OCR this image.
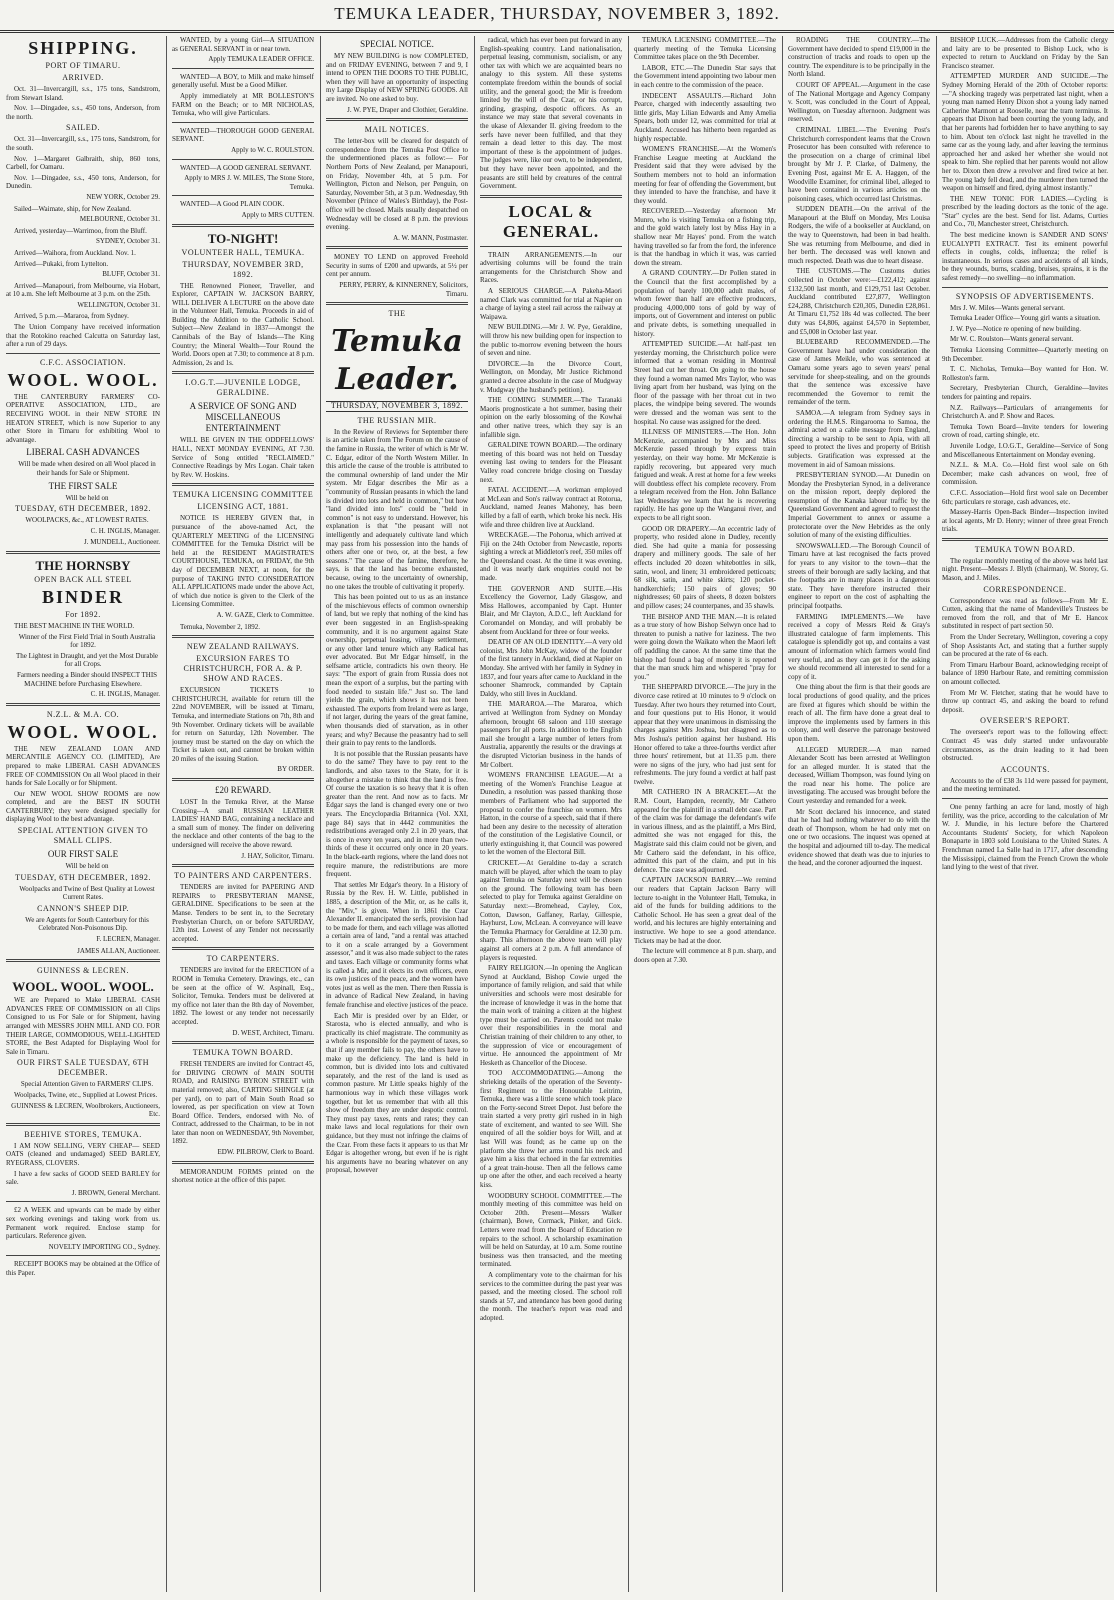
TEMUKA LEADER, THURSDAY, NOVEMBER 3, 1892.
SHIPPING.
PORT OF TIMARU.
ARRIVED.

Oct. 31—Invercargill, s.s., 175 tons, Sandstrom, from Stewart Island.

Nov. 1—Dingadee, s.s., 450 tons, Anderson, from the north.

SAILED.

Oct. 31—Invercargill, s.s., 175 tons, Sandstrom, for the south.

Nov. 1—Margaret Galbraith, ship, 860 tons, Carbell, for Oamaru.

Nov. 1—Dingadee, s.s., 450 tons, Anderson, for Dunedin.

NEW YORK, October 29.

Sailed—Waimate, ship, for New Zealand.

MELBOURNE, October 31.

Arrived, yesterday—Warrimoo, from the Bluff.

SYDNEY, October 31.

Arrived—Waihora, from Auckland. Nov. 1.

Arrived—Pukaki, from Lyttelton.

BLUFF, October 31.

Arrived—Manapouri, from Melbourne, via Hobart, at 10 a.m. She left Melbourne at 3 p.m. on the 25th.

WELLINGTON, October 31.

Arrived, 5 p.m.—Mararoa, from Sydney.

The Union Company have received information that the Rotokino reached Calcutta on Saturday last, after a run of 29 days.

C.F.C. ASSOCIATION.
WOOL. WOOL.

THE CANTERBURY FARMERS' CO-OPERATIVE ASSOCIATION, LTD., are RECEIVING WOOL in their NEW STORE IN HEATON STREET, which is now Superior to any other Store in Timaru for exhibiting Wool to advantage.

LIBERAL CASH ADVANCES

Will be made when desired on all Wool placed in their hands for Sale or Shipment.

THE FIRST SALE

Will be held on

TUESDAY, 6TH DECEMBER, 1892.

WOOLPACKS, &c., AT LOWEST RATES.

C. H. INGLIS, Manager.
J. MUNDELL, Auctioneer.
THE HORNSBY
OPEN BACK ALL STEEL
BINDER
For 1892.

THE BEST MACHINE IN THE WORLD.

Winner of the First Field Trial in South Australia for 1892.

The Lightest in Draught, and yet the Most Durable for all Crops.

Farmers needing a Binder should INSPECT THIS MACHINE before Purchasing Elsewhere.

C. H. INGLIS, Manager.
N.Z.L. & M.A. CO.
WOOL. WOOL.

THE NEW ZEALAND LOAN AND MERCANTILE AGENCY CO. (LIMITED), Are prepared to make LIBERAL CASH ADVANCES FREE OF COMMISSION On all Wool placed in their hands for Sale Locally or for Shipment.

Our NEW WOOL SHOW ROOMS are now completed, and are the BEST IN SOUTH CANTERBURY; they were designed specially for displaying Wool to the best advantage.

SPECIAL ATTENTION GIVEN TO SMALL CLIPS.
OUR FIRST SALE

Will be held on

TUESDAY, 6TH DECEMBER, 1892.

Woolpacks and Twine of Best Quality at Lowest Current Rates.

CANNON'S SHEEP DIP.

We are Agents for South Canterbury for this Celebrated Non-Poisonous Dip.

F. LECREN, Manager.
JAMES ALLAN, Auctioneer.
GUINNESS & LECREN.
WOOL. WOOL. WOOL.

WE are Prepared to Make LIBERAL CASH ADVANCES FREE OF COMMISSION on all Clips Consigned to us For Sale or for Shipment, having arranged with MESSRS JOHN MILL AND CO. FOR THEIR LARGE, COMMODIOUS, WELL-LIGHTED STORE, the Best Adapted for Displaying Wool for Sale in Timaru.

OUR FIRST SALE TUESDAY, 6TH DECEMBER.

Special Attention Given to FARMERS' CLIPS.

Woolpacks, Twine, etc., Supplied at Lowest Prices.

GUINNESS & LECREN, Woolbrokers, Auctioneers, Etc.
BEEHIVE STORES, TEMUKA.

I AM NOW SELLING, VERY CHEAP— SEED OATS (cleaned and undamaged) SEED BARLEY, RYEGRASS, CLOVERS.

I have a few sacks of GOOD SEED BARLEY for sale.

J. BROWN, General Merchant.

£2 A WEEK and upwards can be made by either sex working evenings and taking work from us. Permanent work required. Enclose stamp for particulars. Reference given.

NOVELTY IMPORTING CO., Sydney.

RECEIPT BOOKS may be obtained at the Office of this Paper.

WANTED, by a young Girl—A SITUATION as GENERAL SERVANT in or near town.

Apply TEMUKA LEADER OFFICE.

WANTED—A BOY, to Milk and make himself generally useful. Must be a Good Milker.

Apply immediately at MR BOLLESTON'S FARM on the Beach; or to MR NICHOLAS, Temuka, who will give Particulars.

WANTED—THOROUGH GOOD GENERAL SERVANT.

Apply to W. C. ROULSTON.

WANTED—A GOOD GENERAL SERVANT.

Apply to MRS J. W. MILES, The Stone Store, Temuka.

WANTED—A Good PLAIN COOK.

Apply to MRS CUTTEN.
TO-NIGHT!
VOLUNTEER HALL, TEMUKA.
THURSDAY, NOVEMBER 3RD, 1892.

THE Renowned Pioneer, Traveller, and Explorer, CAPTAIN W. JACKSON BARRY, WILL DELIVER A LECTURE on the above date in the Volunteer Hall, Temuka. Proceeds in aid of Building the Addition to the Catholic School. Subject—New Zealand in 1837—Amongst the Cannibals of the Bay of Islands—The King Country; the Mineral Wealth—Tour Round the World. Doors open at 7.30; to commence at 8 p.m. Admission, 2s and 1s.

I.O.G.T.—JUVENILE LODGE, GERALDINE.
A SERVICE OF SONG AND MISCELLANEOUS ENTERTAINMENT

WILL BE GIVEN IN THE ODDFELLOWS' HALL, NEXT MONDAY EVENING, AT 7.30. Service of Song entitled "RECLAIMED." Connective Readings by Mrs Logan. Chair taken by Rev. W. Hoskins.

TEMUKA LICENSING COMMITTEE
LICENSING ACT, 1881.

NOTICE IS HEREBY GIVEN that, in pursuance of the above-named Act, the QUARTERLY MEETING of the LICENSING COMMITTEE for the Temuka District will be held at the RESIDENT MAGISTRATE'S COURTHOUSE, TEMUKA, on FRIDAY, the 9th day of DECEMBER NEXT, at noon, for the purpose of TAKING INTO CONSIDERATION ALL APPLICATIONS made under the above Act, of which due notice is given to the Clerk of the Licensing Committee.

A. W. GAZE, Clerk to Committee.

Temuka, November 2, 1892.

NEW ZEALAND RAILWAYS.
EXCURSION FARES TO CHRISTCHURCH, FOR A. & P. SHOW AND RACES.

EXCURSION TICKETS to CHRISTCHURCH, available for return till the 22nd NOVEMBER, will be issued at Timaru, Temuka, and intermediate Stations on 7th, 8th and 9th November. Ordinary tickets will be available for return on Saturday, 12th November. The journey must be started on the day on which the Ticket is taken out, and cannot be broken within 20 miles of the issuing Station.

BY ORDER.
£20 REWARD.

LOST In the Temuka River, at the Manse Crossing—A small RUSSIAN LEATHER LADIES' HAND BAG, containing a necklace and a small sum of money. The finder on delivering the necklace and other contents of the bag to the undersigned will receive the above reward.

J. HAY, Solicitor, Timaru.
TO PAINTERS AND CARPENTERS.

TENDERS are invited for PAPERING AND REPAIRS to PRESBYTERIAN MANSE, GERALDINE. Specifications to be seen at the Manse. Tenders to be sent in, to the Secretary Presbyterian Church, on or before SATURDAY, 12th inst. Lowest of any Tender not necessarily accepted.

TO CARPENTERS.

TENDERS are invited for the ERECTION of a ROOM in Temuka Cemetery. Drawings, etc., can be seen at the office of W. Aspinall, Esq., Solicitor, Temuka. Tenders must be delivered at my office not later than the 8th day of November, 1892. The lowest or any tender not necessarily accepted.

D. WEST, Architect, Timaru.
TEMUKA TOWN BOARD.

FRESH TENDERS are invited for Contract 45, for DRIVING CROWN of MAIN SOUTH ROAD, and RAISING BYRON STREET with material removed; also, CARTING SHINGLE (at per yard), on to part of Main South Road so lowered, as per specification on view at Town Board Office. Tenders, endorsed with No. of Contract, addressed to the Chairman, to be in not later than noon on WEDNESDAY, 9th November, 1892.

EDW. PILBROW, Clerk to Board.

MEMORANDUM FORMS printed on the shortest notice at the office of this paper.

SPECIAL NOTICE.

MY NEW BUILDING is now COMPLETED, and on FRIDAY EVENING, between 7 and 9, I intend to OPEN THE DOORS TO THE PUBLIC, when they will have an opportunity of inspecting my Large Display of NEW SPRING GOODS. All are invited. No one asked to buy.

J. W. PYE, Draper and Clothier, Geraldine.
MAIL NOTICES.

The letter-box will be cleared for despatch of correspondence from the Temuka Post Office to the undermentioned places as follow:— For Northern Ports of New Zealand, per Manapouri, on Friday, November 4th, at 5 p.m. For Wellington, Picton and Nelson, per Penguin, on Saturday, November 5th, at 3 p.m. Wednesday, 9th November (Prince of Wales's Birthday), the Post-office will be closed. Mails usually despatched on Wednesday will be closed at 8 p.m. the previous evening.

A. W. MANN, Postmaster.

MONEY TO LEND on approved Freehold Security in sums of £200 and upwards, at 5½ per cent per annum.

PERRY, PERRY, & KINNERNEY, Solicitors, Timaru.
THE
Temuka Leader.
THURSDAY, NOVEMBER 3, 1892.
THE RUSSIAN MIR.

In the Review of Reviews for September there is an article taken from The Forum on the cause of the famine in Russia, the writer of which is Mr W. C. Edgar, editor of the North Western Miller. In this article the cause of the trouble is attributed to the communal ownership of land under the Mir system. Mr Edgar describes the Mir as a "community of Russian peasants in which the land is divided into lots and held in common," but how "land divided into lots" could be "held in common" is not easy to understand. However, his explanation is that "the peasant will not intelligently and adequately cultivate land which may pass from his possession into the hands of others after one or two, or, at the best, a few seasons." The cause of the famine, therefore, he says, is that the land has become exhausted, because, owing to the uncertainty of ownership, no one takes the trouble of cultivating it properly.

This has been pointed out to us as an instance of the mischievous effects of common ownership of land, but we reply that nothing of the kind has ever been suggested in an English-speaking community, and it is no argument against State ownership, perpetual leasing, village settlement, or any other land tenure which any Radical has ever advocated. But Mr Edgar himself, in the selfsame article, contradicts his own theory. He says: "The export of grain from Russia does not mean the export of a surplus, but the parting with food needed to sustain life." Just so. The land yields the grain, which shows it has not been exhausted. The exports from Ireland were as large, if not larger, during the years of the great famine, when thousands died of starvation, as in other years; and why? Because the peasantry had to sell their grain to pay rents to the landlords.

It is not possible that the Russian peasants have to do the same? They have to pay rent to the landlords, and also taxes to the State, for it is altogether a mistake to think that the land is free. Of course the taxation is so heavy that it is often greater than the rent. And now as to facts. Mr Edgar says the land is changed every one or two years. The Encyclopædia Britannica (Vol. XXI, page 84) says that in 4442 communities the redistributions averaged only 2.1 in 20 years, that is once in every ten years, and in more than two-thirds of these it occurred only once in 20 years. In the black-earth regions, where the land does not require manure, the redistributions are more frequent.

That settles Mr Edgar's theory. In a History of Russia by the Rev. H. W. Little, published in 1885, a description of the Mir, or, as he calls it, the "Miv," is given. When in 1861 the Czar Alexander II. emancipated the serfs, provision had to be made for them, and each village was allotted a certain area of land, "and a rental was attached to it on a scale arranged by a Government assessor," and it was also made subject to the rates and taxes. Each village or community forms what is called a Mir, and it elects its own officers, even its own justices of the peace, and the women have votes just as well as the men. There then Russia is in advance of Radical New Zealand, in having female franchise and elective justices of the peace.

Each Mir is presided over by an Elder, or Starosta, who is elected annually, and who is practically its chief magistrate. The community as a whole is responsible for the payment of taxes, so that if any member fails to pay, the others have to make up the deficiency. The land is held in common, but is divided into lots and cultivated separately, and the rest of the land is used as common pasture. Mr Little speaks highly of the harmonious way in which these villages work together, but let us remember that with all this show of freedom they are under despotic control. They must pay taxes, rents and rates; they can make laws and local regulations for their own guidance, but they must not infringe the claims of the Czar. From these facts it appears to us that Mr Edgar is altogether wrong, but even if he is right his arguments have no bearing whatever on any proposal, however

radical, which has ever been put forward in any English-speaking country. Land nationalisation, perpetual leasing, communism, socialism, or any other tax with which we are acquainted bears no analogy to this system. All these systems contemplate freedom within the bounds of social utility, and the general good; the Mir is freedom limited by the will of the Czar, or his corrupt, grinding, grasping, despotic officers. As an instance we may state that several covenants in the ukase of Alexander II. giving freedom to the serfs have never been fulfilled, and that they remain a dead letter to this day. The most important of these is the appointment of judges. The judges were, like our own, to be independent, but they have never been appointed, and the peasants are still held by creatures of the central Government.

LOCAL & GENERAL.

TRAIN ARRANGEMENTS.—In our advertising columns will be found the train arrangements for the Christchurch Show and Races.

A SERIOUS CHARGE.—A Pakeha-Maori named Clark was committed for trial at Napier on a charge of laying a steel rail across the railway at Waipawa.

NEW BUILDING.—Mr J. W. Pye, Geraldine, will throw his new building open for inspection to the public to-morrow evening between the hours of seven and nine.

DIVORCE.—In the Divorce Court, Wellington, on Monday, Mr Justice Richmond granted a decree absolute in the case of Mudgway v. Mudgway (the husband's petition).

THE COMING SUMMER.—The Taranaki Maoris prognosticate a hot summer, basing their opinion on the early blossoming of the Kowhai and other native trees, which they say is an infallible sign.

GERALDINE TOWN BOARD.—The ordinary meeting of this board was not held on Tuesday evening last owing to tenders for the Pleasant Valley road concrete bridge closing on Tuesday next.

FATAL ACCIDENT.—A workman employed at McLean and Son's railway contract at Rotorua, Auckland, named Jeanes Mahoney, has been killed by a fall of earth, which broke his neck. His wife and three children live at Auckland.

WRECKAGE.—The Pohorua, which arrived at Fiji on the 24th October from Newcastle, reports sighting a wreck at Middleton's reef, 350 miles off the Queensland coast. At the time it was evening, and it was nearly dark enquiries could not be made.

THE GOVERNOR AND SUITE.—His Excellency the Governor, Lady Glasgow, and Miss Hallowes, accompanied by Capt. Hunter Blair, and Mr Clayton, A.D.C., left Auckland for Coromandel on Monday, and will probably be absent from Auckland for three or four weeks.

DEATH OF AN OLD IDENTITY.—A very old colonist, Mrs John McKay, widow of the founder of the first tannery in Auckland, died at Napier on Monday. She arrived with her family in Sydney in 1837, and four years after came to Auckland in the schooner Shamrock, commanded by Captain Daldy, who still lives in Auckland.

THE MARAROA.—The Mararoa, which arrived at Wellington from Sydney on Monday afternoon, brought 68 saloon and 110 steerage passengers for all ports. In addition to the English mail she brought a large number of letters from Australia, apparently the results or the dravings at the disrupted Victorian business in the hands of Mr Colbert.

WOMEN'S FRANCHISE LEAGUE.—At a meeting of the Women's Franchise League at Dunedin, a resolution was passed thanking those members of Parliament who had supported the proposal to confer the franchise on women. Mrs Hatton, in the course of a speech, said that if there had been any desire to the necessity of alteration of the constitution of the Legislative Council, or utterly extinguishing it, that Council was powered to let the women of the Electoral Bill.

CRICKET.—At Geraldine to-day a scratch match will be played, after which the team to play against Temuka on Saturday next will be chosen on the ground. The following team has been selected to play for Temuka against Geraldine on Saturday next:—Bromehead, Cayley, Cox, Cotton, Dawson, Gaffaney, Rarlay, Gillespie, Hayhurst, Low, McLean. A conveyance will leave the Temuka Pharmacy for Geraldine at 12.30 p.m. sharp. This afternoon the above team will play against all comers at 2 p.m. A full attendance of players is requested.

FAIRY RELIGION.—In opening the Anglican Synod at Auckland, Bishop Cowie urged the importance of family religion, and said that while universities and schools were most desirable for the increase of knowledge it was in the home that the main work of training a citizen at the highest type must be carried on. Parents could not make over their responsibilities in the moral and Christian training of their children to any other, to the suppression of vice or encouragement of virtue. He announced the appointment of Mr Hesketh as Chancellor of the Diocese.

TOO ACCOMMODATING.—Among the shrieking details of the operation of the Seventy-first Regiment to the Honourable Leitrim, Temuka, there was a little scene which took place on the Forty-second Street Depot. Just before the train started a very pretty girl rushed in in high state of excitement, and wanted to see Will. She enquired of all the soldier boys for Will, and at last Will was found; as he came up on the platform she threw her arms round his neck and gave him a kiss that echoed in the far extremities of a great train-house. Then all the fellows came up one after the other, and each received a hearty kiss.

WOODBURY SCHOOL COMMITTEE.—The monthly meeting of this committee was held on October 20th. Present—Messrs Walker (chairman), Bowe, Cormack, Pinker, and Gick. Letters were read from the Board of Education re repairs to the school. A scholarship examination will be held on Saturday, at 10 a.m. Some routine business was then transacted, and the meeting terminated.

A complimentary vote to the chairman for his services to the committee during the past year was passed, and the meeting closed. The school roll stands at 57, and attendance has been good during the month. The teacher's report was read and adopted.

TEMUKA LICENSING COMMITTEE.—The quarterly meeting of the Temuka Licensing Committee takes place on the 9th December.

LABOR, ETC.—The Dunedin Star says that the Government intend appointing two labour men in each centre to the commission of the peace.

INDECENT ASSAULTS.—Richard John Pearce, charged with indecently assaulting two little girls, May Lilian Edwards and Amy Amelia Spears, both under 12, was committed for trial at Auckland. Accused has hitherto been regarded as highly respectable.

WOMEN'S FRANCHISE.—At the Women's Franchise League meeting at Auckland the President said that they were advised by the Southern members not to hold an information meeting for fear of offending the Government, but they intended to have the franchise, and have it they would.

RECOVERED.—Yesterday afternoon Mr Munro, who is visiting Temuka on a fishing trip, and the gold watch lately lost by Miss Hay in a shallow near Mr Hayes' pond. From the watch having travelled so far from the ford, the inference is that the handbag in which it was, was carried down the stream.

A GRAND COUNTRY.—Dr Pollen stated in the Council that the first accomplished by a population of barely 100,000 adult males, of whom fewer than half are effective producers, producing 4,000,000 tons of gold by way of imports, out of Government and interest on public and private debts, is something unequalled in history.

ATTEMPTED SUICIDE.—At half-past ten yesterday morning, the Christchurch police were informed that a woman residing in Montreal Street had cut her throat. On going to the house they found a woman named Mrs Taylor, who was living apart from her husband, was lying on the floor of the passage with her throat cut in two places, the windpipe being severed. The wounds were dressed and the woman was sent to the hospital. No cause was assigned for the deed.

ILLNESS OF MINISTERS.—The Hon. John McKenzie, accompanied by Mrs and Miss McKenzie passed through by express train yesterday, on their way home. Mr McKenzie is rapidly recovering, but appeared very much fatigued and weak. A rest at home for a few weeks will doubtless effect his complete recovery. From a telegram received from the Hon. John Ballance last Wednesday we learn that he is recovering rapidly. He has gone up the Wanganui river, and expects to be all right soon.

GOOD OR DRAPERY.—An eccentric lady of property, who resided alone in Dudley, recently died. She had quite a mania for possessing drapery and millinery goods. The sale of her effects included 20 dozen whitebottles in silk, satin, wool, and linen; 31 embroidered petticoats; 68 silk, satin, and white skirts; 120 pocket-handkerchiefs; 150 pairs of gloves; 90 nightdresses; 60 pairs of sheets, 8 dozen bolsters and pillow cases; 24 counterpanes, and 35 shawls.

THE BISHOP AND THE MAN.—It is related as a true story of how Bishop Selwyn once had to threaten to punish a native for laziness. The two were going down the Waikato when the Maori left off paddling the canoe. At the same time that the bishop had found a bag of money it is reported that the man snuck him and whispered "pray for you."

THE SHEPPARD DIVORCE.—The jury in the divorce case retired at 10 minutes to 9 o'clock on Tuesday. After two hours they returned into Court, and four questions put to His Honor, it would appear that they were unanimous in dismissing the charges against Mrs Joshua, but disagreed as to Mrs Joshua's petition against her husband. His Honor offered to take a three-fourths verdict after three hours' retirement, but at 11.35 p.m. there were no signs of the jury, who had just sent for refreshments. The jury found a verdict at half past twelve.

MR CATHERO IN A BRACKET.—At the R.M. Court, Hampden, recently, Mr Cathero appeared for the plaintiff in a small debt case. Part of the claim was for damage the defendant's wife in various illness, and as the plaintiff, a Mrs Bird, admitted she was not engaged for this, the Magistrate said this claim could not be given, and Mr Cathero said the defendant, in his office, admitted this part of the claim, and put in his defence. The case was adjourned.

CAPTAIN JACKSON BARRY.—We remind our readers that Captain Jackson Barry will lecture to-night in the Volunteer Hall, Temuka, in aid of the funds for building additions to the Catholic School. He has seen a great deal of the world, and his lectures are highly entertaining and instructive. We hope to see a good attendance. Tickets may be had at the door.

The lecture will commence at 8 p.m. sharp, and doors open at 7.30.

ROADING THE COUNTRY.—The Government have decided to spend £19,000 in the construction of tracks and roads to open up the country. The expenditure is to be principally in the North Island.

COURT OF APPEAL.—Argument in the case of The National Mortgage and Agency Company v. Scott, was concluded in the Court of Appeal, Wellington, on Tuesday afternoon. Judgment was reserved.

CRIMINAL LIBEL.—The Evening Post's Christchurch correspondent learns that the Crown Prosecutor has been consulted with reference to the prosecution on a charge of criminal libel brought by Mr J. P. Clarke, of Dalmeny, the Evening Post, against Mr E. A. Haggen, of the Woodville Examiner, for criminal libel, alleged to have been contained in various articles on the poisoning cases, which occurred last Christmas.

SUDDEN DEATH.—On the arrival of the Manapouri at the Bluff on Monday, Mrs Louisa Rodgers, the wife of a bookseller at Auckland, on the way to Queenstown, had been in bad health. She was returning from Melbourne, and died in her berth. The deceased was well known and much respected. Death was due to heart disease.

THE CUSTOMS.—The Customs duties collected in October were:—£122,412; against £132,500 last month, and £129,751 last October. Auckland contributed £27,877, Wellington £24,288, Christchurch £20,305, Dunedin £28,861. At Timaru £1,752 18s 4d was collected. The beer duty was £4,806, against £4,570 in September, and £5,008 in October last year.

BLUEBEARD RECOMMENDED.—The Government have had under consideration the case of James Meikle, who was sentenced at Oamaru some years ago to seven years' penal servitude for sheep-stealing, and on the grounds that the sentence was excessive have recommended the Governor to remit the remainder of the term.

SAMOA.—A telegram from Sydney says in ordering the H.M.S. Ringarooma to Samoa, the admiral acted on a cable message from England, directing a warship to be sent to Apia, with all speed to protect the lives and property of British subjects. Gratification was expressed at the movement in aid of Samoan missions.

PRESBYTERIAN SYNOD.—At Dunedin on Monday the Presbyterian Synod, in a deliverance on the mission report, deeply deplored the resumption of the Kanaka labour traffic by the Queensland Government and agreed to request the Imperial Government to annex or assume a protectorate over the New Hebrides as the only solution of many of the existing difficulties.

SNOWSWALLED.—The Borough Council of Timaru have at last recognised the facts proved for years to any visitor to the town—that the streets of their borough are sadly lacking, and that the footpaths are in many places in a dangerous state. They have therefore instructed their engineer to report on the cost of asphalting the principal footpaths.

FARMING IMPLEMENTS.—We have received a copy of Messrs Reid & Gray's illustrated catalogue of farm implements. This catalogue is splendidly got up, and contains a vast amount of information which farmers would find very useful, and as they can get it for the asking we should recommend all interested to send for a copy of it.

One thing about the firm is that their goods are local productions of good quality, and the prices are fixed at figures which should be within the reach of all. The firm have done a great deal to improve the implements used by farmers in this colony, and well deserve the patronage bestowed upon them.

ALLEGED MURDER.—A man named Alexander Scott has been arrested at Wellington for an alleged murder. It is stated that the deceased, William Thompson, was found lying on the road near his home. The police are investigating. The accused was brought before the Court yesterday and remanded for a week.

Mr Scott declared his innocence, and stated that he had had nothing whatever to do with the death of Thompson, whom he had only met on one or two occasions. The inquest was opened at the hospital and adjourned till to-day. The medical evidence showed that death was due to injuries to the head, and the coroner adjourned the inquest.

BISHOP LUCK.—Addresses from the Catholic clergy and laity are to be presented to Bishop Luck, who is expected to return to Auckland on Friday by the San Francisco steamer.

ATTEMPTED MURDER AND SUICIDE.—The Sydney Morning Herald of the 20th of October reports:—"A shocking tragedy was perpetrated last night, when a young man named Henry Dixon shot a young lady named Catherine Marmont at Rooselle, near the tram terminus. It appears that Dixon had been courting the young lady, and that her parents had forbidden her to have anything to say to him. About ten o'clock last night he travelled in the same car as the young lady, and after leaving the terminus approached her and asked her whether she would not speak to him. She replied that her parents would not allow her to. Dixon then drew a revolver and fired twice at her. The young lady fell dead, and the murderer then turned the weapon on himself and fired, dying almost instantly."

THE NEW TONIC FOR LADIES.—Cycling is prescribed by the leading doctors as the tonic of the age. "Star" cycles are the best. Send for list. Adams, Curties and Co., 70, Manchester street, Christchurch.

The best medicine known is SANDER AND SONS' EUCALYPTI EXTRACT. Test its eminent powerful effects in coughs, colds, influenza; the relief is instantaneous. In serious cases and accidents of all kinds, be they wounds, burns, scalding, bruises, sprains, it is the safest remedy—no swelling—no inflammation.

SYNOPSIS OF ADVERTISEMENTS.

Mrs J. W. Miles—Wants general servant.

Temuka Leader Office—Young girl wants a situation.

J. W. Pye—Notice re opening of new building.

Mr W. C. Roulston—Wants general servant.

Temuka Licensing Committee—Quarterly meeting on 9th December.

T. C. Nicholas, Temuka—Boy wanted for Hon. W. Rolleston's farm.

Secretary, Presbyterian Church, Geraldine—Invites tenders for painting and repairs.

N.Z. Railways—Particulars of arrangements for Christchurch A. and P. Show and Races.

Temuka Town Board—Invite tenders for lowering crown of road, carting shingle, etc.

Juvenile Lodge, I.O.G.T., Geraldine—Service of Song and Miscellaneous Entertainment on Monday evening.

N.Z.L. & M.A. Co.—Hold first wool sale on 6th December; make cash advances on wool, free of commission.

C.F.C. Association—Hold first wool sale on December 6th; particulars re storage, cash advances, etc.

Massey-Harris Open-Back Binder—Inspection invited at local agents, Mr D. Henry; winner of three great French trials.

TEMUKA TOWN BOARD.

The regular monthly meeting of the above was held last night. Present—Messrs J. Blyth (chairman), W. Storey, G. Mason, and J. Miles.

CORRESPONDENCE.

Correspondence was read as follows—From Mr E. Cutten, asking that the name of Mandeville's Trustees be removed from the roll, and that of Mr E. Hancox substituted in respect of part section 50.

From the Under Secretary, Wellington, covering a copy of Shop Assistants Act, and stating that a further supply can be procured at the rate of 6s each.

From Timaru Harbour Board, acknowledging receipt of balance of 1890 Harbour Rate, and remitting commission on amount collected.

From Mr W. Fletcher, stating that he would have to throw up contract 45, and asking the board to refund deposit.

OVERSEER'S REPORT.

The overseer's report was to the following effect: Contract 45 was duly started under unfavourable circumstances, as the drain leading to it had been obstructed.

ACCOUNTS.

Accounts to the of £38 3s 11d were passed for payment, and the meeting terminated.

One penny farthing an acre for land, mostly of high fertility, was the price, according to the calculation of Mr W. J. Mundie, in his lecture before the Chartered Accountants Students' Society, for which Napoleon Bonaparte in 1803 sold Louisiana to the United States. A Frenchman named La Salle had in 1717, after descending the Mississippi, claimed from the French Crown the whole land lying to the west of that river.
